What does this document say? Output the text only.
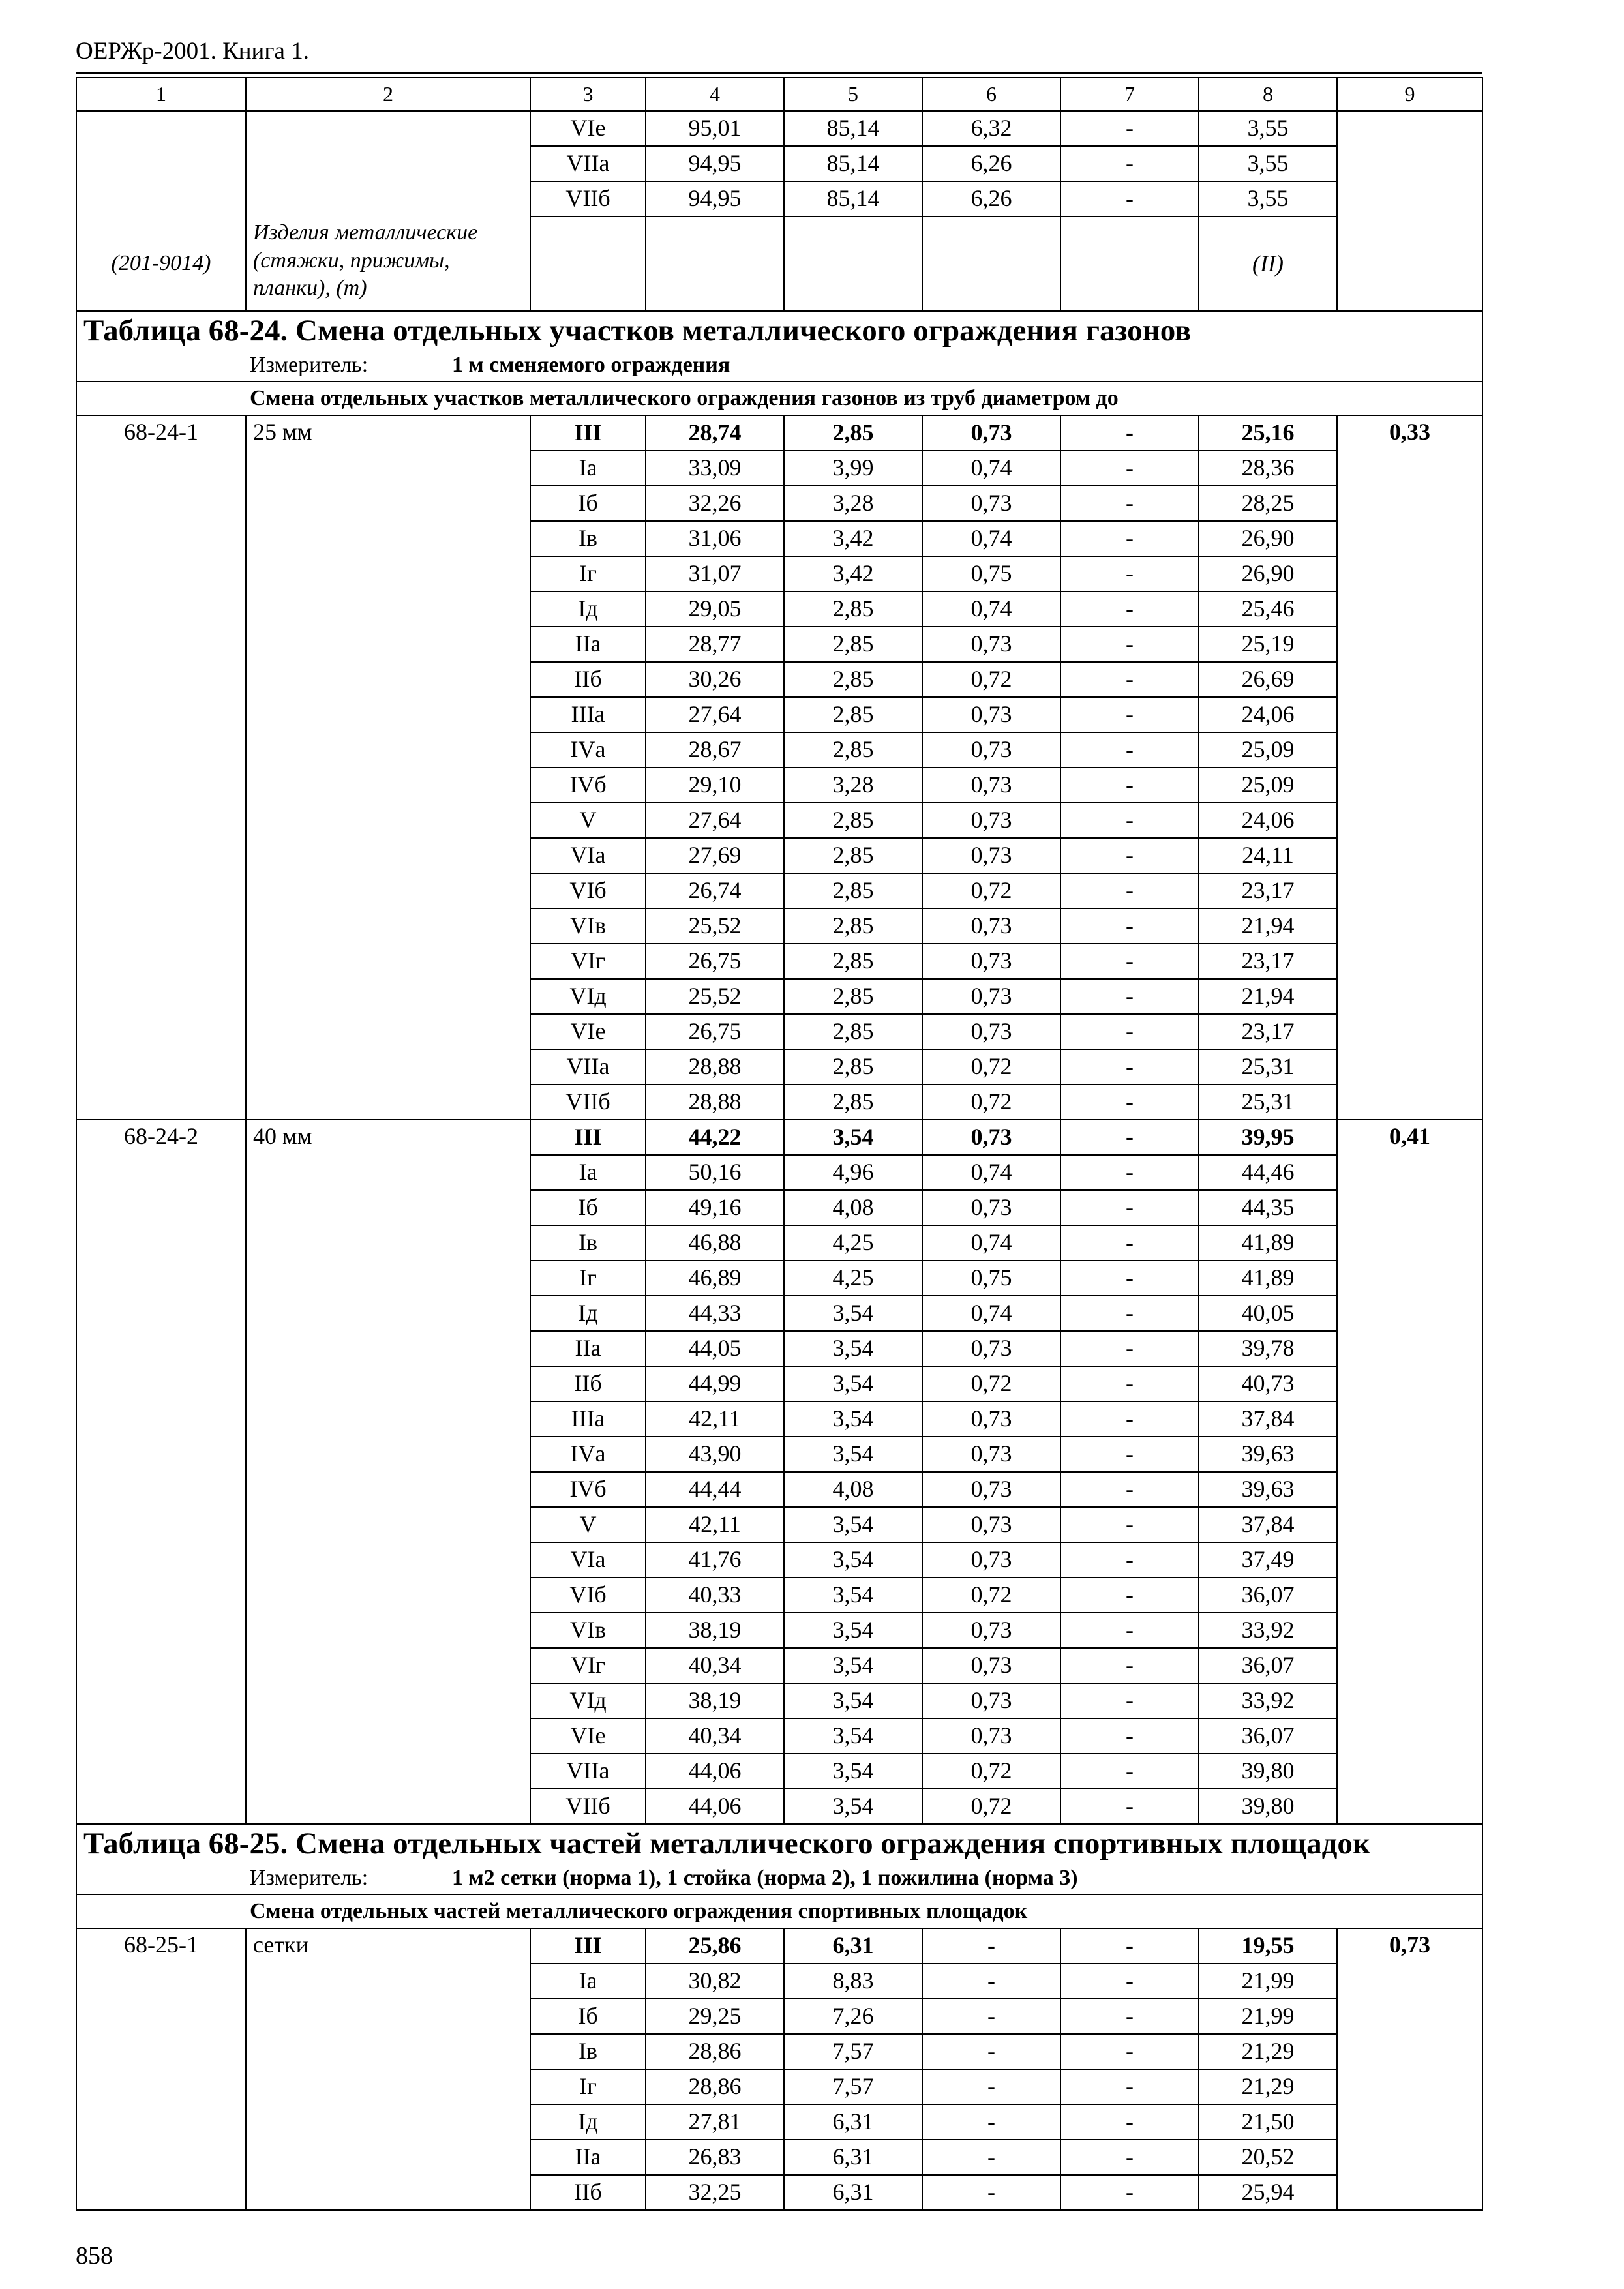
ОЕРЖр-2001. Книга 1.
1	2	3	4	5	6	7	8	9
		VIе	95,01	85,14	6,32	-	3,55	
		VIIа	94,95	85,14	6,26	-	3,55	
		VIIб	94,95	85,14	6,26	-	3,55	
(201-9014)	Изделия металлические (стяжки, прижимы, планки), (т)						(II)	
Таблица 68-24. Смена отдельных участков металлического ограждения газонов								
Измеритель: 1 м сменяемого ограждения								
Смена отдельных участков металлического ограждения газонов из труб диаметром до								
68-24-1	25 мм	III	28,74	2,85	0,73	-	25,16	0,33
		Iа	33,09	3,99	0,74	-	28,36	
		Iб	32,26	3,28	0,73	-	28,25	
		Iв	31,06	3,42	0,74	-	26,90	
		Iг	31,07	3,42	0,75	-	26,90	
		Iд	29,05	2,85	0,74	-	25,46	
		IIа	28,77	2,85	0,73	-	25,19	
		IIб	30,26	2,85	0,72	-	26,69	
		IIIа	27,64	2,85	0,73	-	24,06	
		IVа	28,67	2,85	0,73	-	25,09	
		IVб	29,10	3,28	0,73	-	25,09	
		V	27,64	2,85	0,73	-	24,06	
		VIа	27,69	2,85	0,73	-	24,11	
		VIб	26,74	2,85	0,72	-	23,17	
		VIв	25,52	2,85	0,73	-	21,94	
		VIг	26,75	2,85	0,73	-	23,17	
		VIд	25,52	2,85	0,73	-	21,94	
		VIе	26,75	2,85	0,73	-	23,17	
		VIIа	28,88	2,85	0,72	-	25,31	
		VIIб	28,88	2,85	0,72	-	25,31	
68-24-2	40 мм	III	44,22	3,54	0,73	-	39,95	0,41
		Iа	50,16	4,96	0,74	-	44,46	
		Iб	49,16	4,08	0,73	-	44,35	
		Iв	46,88	4,25	0,74	-	41,89	
		Iг	46,89	4,25	0,75	-	41,89	
		Iд	44,33	3,54	0,74	-	40,05	
		IIа	44,05	3,54	0,73	-	39,78	
		IIб	44,99	3,54	0,72	-	40,73	
		IIIа	42,11	3,54	0,73	-	37,84	
		IVа	43,90	3,54	0,73	-	39,63	
		IVб	44,44	4,08	0,73	-	39,63	
		V	42,11	3,54	0,73	-	37,84	
		VIа	41,76	3,54	0,73	-	37,49	
		VIб	40,33	3,54	0,72	-	36,07	
		VIв	38,19	3,54	0,73	-	33,92	
		VIг	40,34	3,54	0,73	-	36,07	
		VIд	38,19	3,54	0,73	-	33,92	
		VIе	40,34	3,54	0,73	-	36,07	
		VIIа	44,06	3,54	0,72	-	39,80	
		VIIб	44,06	3,54	0,72	-	39,80	
Таблица 68-25. Смена отдельных частей металлического ограждения спортивных площадок								
Измеритель: 1 м2 сетки (норма 1), 1 стойка (норма 2), 1 пожилина (норма 3)								
Смена отдельных частей металлического ограждения спортивных площадок								
68-25-1	сетки	III	25,86	6,31	-	-	19,55	0,73
		Iа	30,82	8,83	-	-	21,99	
		Iб	29,25	7,26	-	-	21,99	
		Iв	28,86	7,57	-	-	21,29	
		Iг	28,86	7,57	-	-	21,29	
		Iд	27,81	6,31	-	-	21,50	
		IIа	26,83	6,31	-	-	20,52	
		IIб	32,25	6,31	-	-	25,94	
858
